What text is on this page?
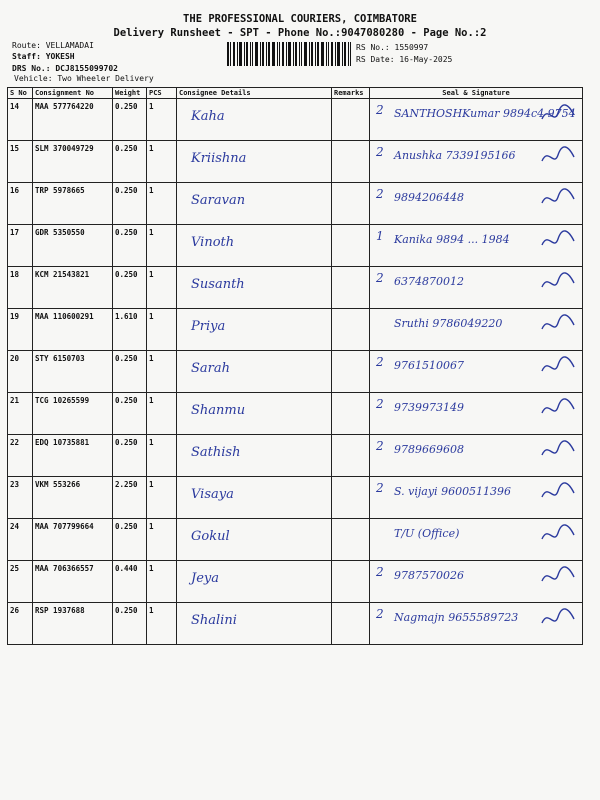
THE PROFESSIONAL COURIERS, COIMBATORE
Delivery Runsheet - SPT - Phone No.:9047080280 - Page No.:2
Route: VELLAMADAI
Staff: YOKESH
DRS No.: DCJ8155099702
Vehicle: Two Wheeler Delivery
RS No.: 1550997
RS Date: 16-May-2025
S No	Consignment No	Weight	PCS	Consignee Details	Remarks	Seal & Signature
14	MAA 577764220	0.250	1	Kaha		2 SANTHOSHKumar 9894c4 9754

15	SLM 370049729	0.250	1	Kriishna		2 Anushka 7339195166

16	TRP 5978665	0.250	1	Saravan		2 9894206448

17	GDR 5350550	0.250	1	Vinoth		1 Kanika 9894 ... 1984

18	KCM 21543821	0.250	1	Susanth		2 6374870012

19	MAA 110600291	1.610	1	Priya		Sruthi 9786049220

20	STY 6150703	0.250	1	Sarah		2 9761510067

21	TCG 10265599	0.250	1	Shanmu		2 9739973149

22	EDQ 10735881	0.250	1	Sathish		2 9789669608

23	VKM 553266	2.250	1	Visaya		2 S. vijayi 9600511396

24	MAA 707799664	0.250	1	Gokul		T/U (Office)

25	MAA 706366557	0.440	1	Jeya		2 9787570026

26	RSP 1937688	0.250	1	Shalini		2 Nagmajn 9655589723
